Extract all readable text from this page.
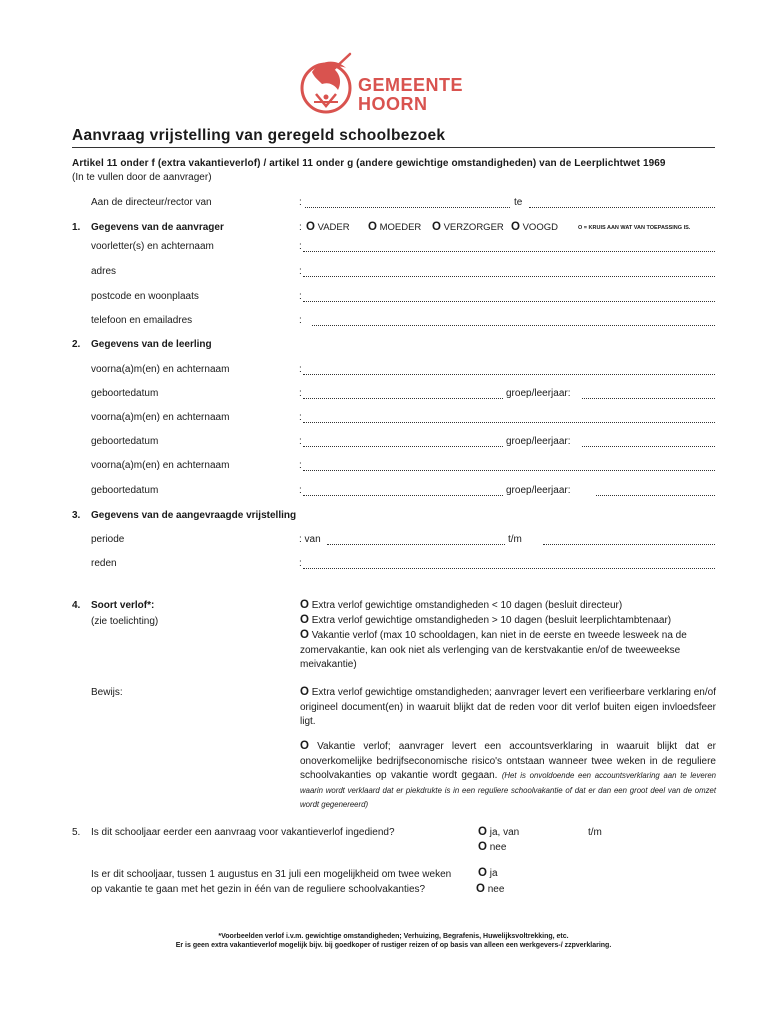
GEMEENTE
HOORN
Aanvraag vrijstelling van geregeld schoolbezoek
Artikel 11 onder f (extra vakantieverlof) / artikel 11 onder g (andere gewichtige omstandigheden) van de Leerplichtwet 1969
(In te vullen door de aanvrager)
Aan de directeur/rector van	:	te
1. Gegevens van de aanvrager	: O VADER O MOEDER O VERZORGER O VOOGD	O = KRUIS AAN WAT VAN TOEPASSING IS.
voorletter(s) en achternaam	:
adres	:
postcode en woonplaats	:
telefoon en emailadres	:
2. Gegevens van de leerling
voorna(a)m(en) en achternaam	:
geboortedatum	:	groep/leerjaar:
voorna(a)m(en) en achternaam	:
geboortedatum	:	groep/leerjaar:
voorna(a)m(en) en achternaam	:
geboortedatum	:	groep/leerjaar:
3. Gegevens van de aangevraagde vrijstelling
periode	: van	t/m
reden	:
4. Soort verlof*:
(zie toelichting)
O Extra verlof gewichtige omstandigheden < 10 dagen (besluit directeur)
O Extra verlof gewichtige omstandigheden > 10 dagen (besluit leerplichtambtenaar)
O Vakantie verlof (max 10 schooldagen, kan niet in de eerste en tweede lesweek na de zomervakantie, kan ook niet als verlenging van de kerstvakantie en/of de tweeweekse meivakantie)
Bewijs:	O Extra verlof gewichtige omstandigheden; aanvrager levert een verifieerbare verklaring en/of origineel document(en) in waaruit blijkt dat de reden voor dit verlof buiten eigen invloedsfeer ligt.
O Vakantie verlof; aanvrager levert een accountsverklaring in waaruit blijkt dat er onoverkomelijke bedrijfseconomische risico's ontstaan wanneer twee weken in de reguliere schoolvakanties op vakantie wordt gegaan. (Het is onvoldoende een accountsverklaring aan te leveren waarin wordt verklaard dat er piekdrukte is in een reguliere schoolvakantie of dat er dan een groot deel van de omzet wordt gegenereerd)
5. Is dit schooljaar eerder een aanvraag voor vakantieverlof ingediend?	O ja, van	t/m
O nee
Is er dit schooljaar, tussen 1 augustus en 31 juli een mogelijkheid om twee weken op vakantie te gaan met het gezin in één van de reguliere schoolvakanties?
O ja
O nee
*Voorbeelden verlof i.v.m. gewichtige omstandigheden; Verhuizing, Begrafenis, Huwelijksvoltrekking, etc.
Er is geen extra vakantieverlof mogelijk bijv. bij goedkoper of rustiger reizen of op basis van alleen een werkgevers-/ zzpverklaring.
